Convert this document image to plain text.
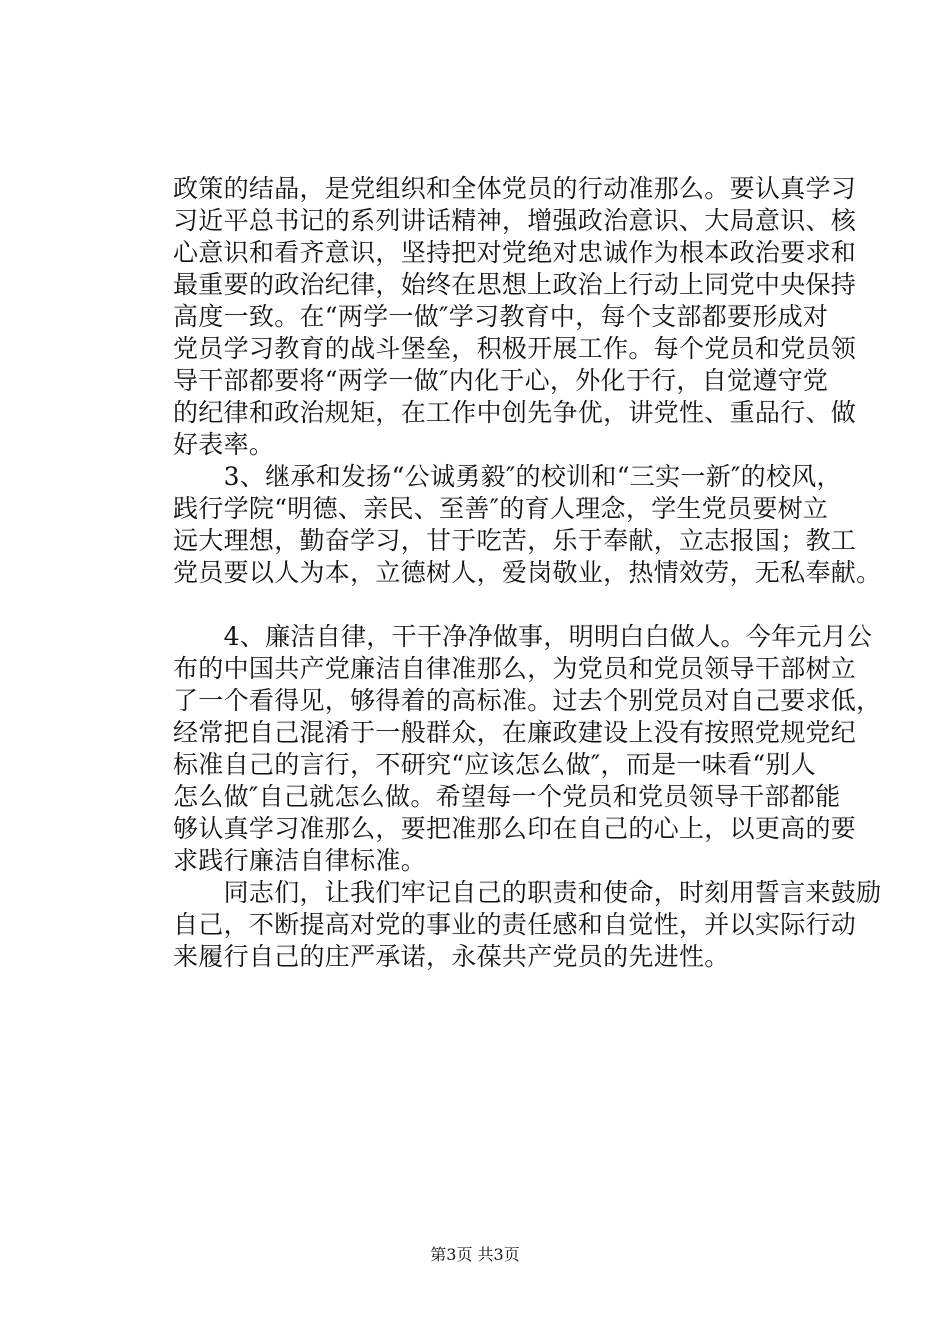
政策的结晶，是党组织和全体党员的行动准那么。要认真学习
习近平总书记的系列讲话精神，增强政治意识、大局意识、核
心意识和看齐意识，坚持把对党绝对忠诚作为根本政治要求和
最重要的政治纪律，始终在思想上政治上行动上同党中央保持
高度一致。在“两学一做″学习教育中，每个支部都要形成对
党员学习教育的战斗堡垒，积极开展工作。每个党员和党员领
导干部都要将“两学一做″内化于心，外化于行，自觉遵守党
的纪律和政治规矩，在工作中创先争优，讲党性、重品行、做
好表率。
　　3、继承和发扬“公诚勇毅″的校训和“三实一新″的校风，
践行学院“明德、亲民、至善″的育人理念，学生党员要树立
远大理想，勤奋学习，甘于吃苦，乐于奉献，立志报国；教工
党员要以人为本，立德树人，爱岗敬业，热情效劳，无私奉献。
　　4、廉洁自律，干干净净做事，明明白白做人。今年元月公
布的中国共产党廉洁自律准那么，为党员和党员领导干部树立
了一个看得见，够得着的高标准。过去个别党员对自己要求低，
经常把自己混淆于一般群众，在廉政建设上没有按照党规党纪
标准自己的言行，不研究“应该怎么做″，而是一味看“别人
怎么做″自己就怎么做。希望每一个党员和党员领导干部都能
够认真学习准那么，要把准那么印在自己的心上，以更高的要
求践行廉洁自律标准。
　　同志们，让我们牢记自己的职责和使命，时刻用誓言来鼓励
自己，不断提高对党的事业的责任感和自觉性，并以实际行动
来履行自己的庄严承诺，永葆共产党员的先进性。
第3页 共3页
